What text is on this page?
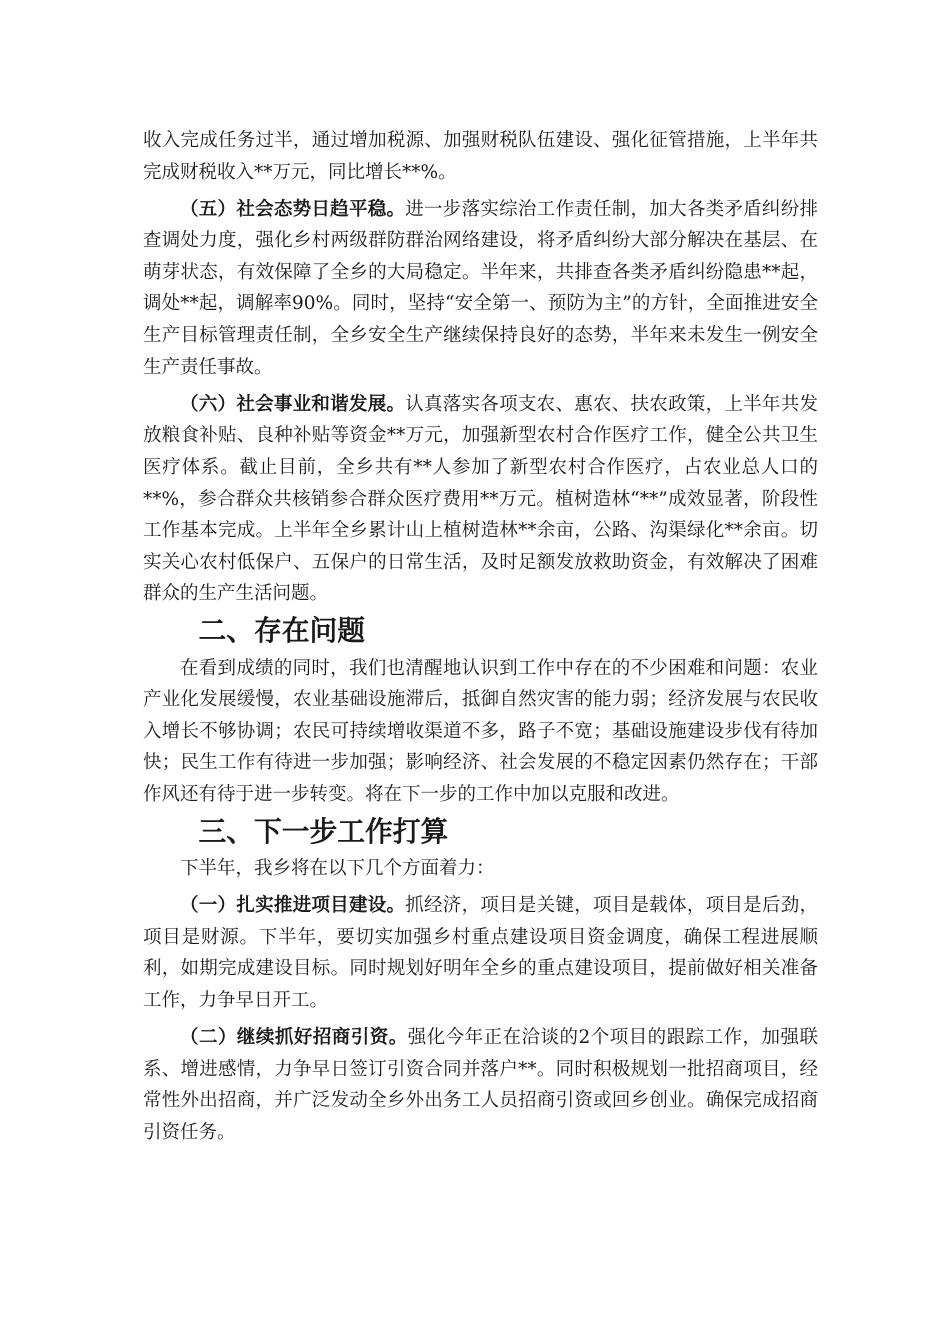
收入完成任务过半，通过增加税源、加强财税队伍建设、强化征管措施，上半年共完成财税收入**万元，同比增长**%。

（五）社会态势日趋平稳。进一步落实综治工作责任制，加大各类矛盾纠纷排查调处力度，强化乡村两级群防群治网络建设，将矛盾纠纷大部分解决在基层、在萌芽状态，有效保障了全乡的大局稳定。半年来，共排查各类矛盾纠纷隐患**起，调处**起，调解率90%。同时，坚持“安全第一、预防为主”的方针，全面推进安全生产目标管理责任制，全乡安全生产继续保持良好的态势，半年来未发生一例安全生产责任事故。

（六）社会事业和谐发展。认真落实各项支农、惠农、扶农政策，上半年共发放粮食补贴、良种补贴等资金**万元，加强新型农村合作医疗工作，健全公共卫生医疗体系。截止目前，全乡共有**人参加了新型农村合作医疗，占农业总人口的**%，参合群众共核销参合群众医疗费用**万元。植树造林“**”成效显著，阶段性工作基本完成。上半年全乡累计山上植树造林**余亩，公路、沟渠绿化**余亩。切实关心农村低保户、五保户的日常生活，及时足额发放救助资金，有效解决了困难群众的生产生活问题。

二、存在问题

在看到成绩的同时，我们也清醒地认识到工作中存在的不少困难和问题：农业产业化发展缓慢，农业基础设施滞后，抵御自然灾害的能力弱；经济发展与农民收入增长不够协调；农民可持续增收渠道不多，路子不宽；基础设施建设步伐有待加快；民生工作有待进一步加强；影响经济、社会发展的不稳定因素仍然存在；干部作风还有待于进一步转变。将在下一步的工作中加以克服和改进。

三、下一步工作打算

下半年，我乡将在以下几个方面着力：

（一）扎实推进项目建设。抓经济，项目是关键，项目是载体，项目是后劲，项目是财源。下半年，要切实加强乡村重点建设项目资金调度，确保工程进展顺利，如期完成建设目标。同时规划好明年全乡的重点建设项目，提前做好相关准备工作，力争早日开工。

（二）继续抓好招商引资。强化今年正在洽谈的2个项目的跟踪工作，加强联系、增进感情，力争早日签订引资合同并落户**。同时积极规划一批招商项目，经常性外出招商，并广泛发动全乡外出务工人员招商引资或回乡创业。确保完成招商引资任务。
